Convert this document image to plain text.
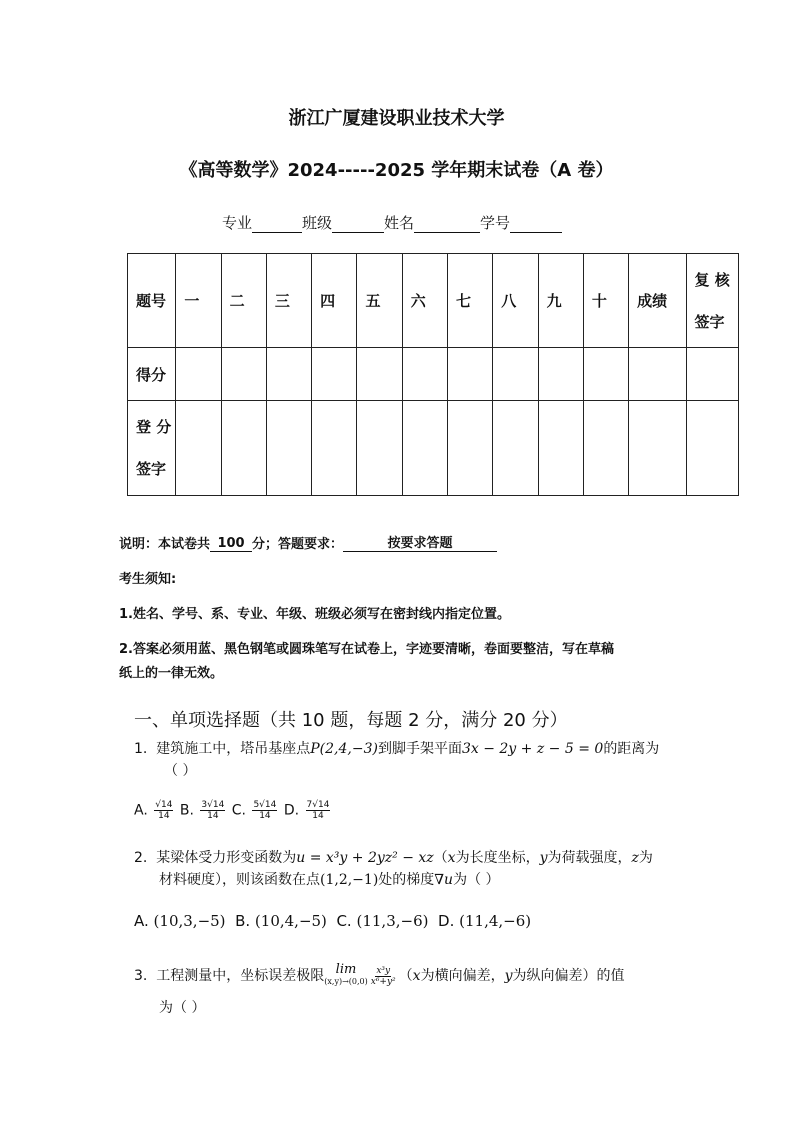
浙江广厦建设职业技术大学
《高等数学》2024-----2025 学年期末试卷（A 卷）
专业	班级	姓名	学号
题号	一	二	三	四	五	六	七	八	九	十	成绩	复 核
签字

得分												

登 分
签字												

说明：本试卷共 100 分；答题要求：	按要求答题
考生须知:
1.姓名、学号、系、专业、年级、班级必须写在密封线内指定位置。
2.答案必须用蓝、黑色钢笔或圆珠笔写在试卷上，字迹要清晰，卷面要整洁，写在草稿
纸上的一律无效。
一、单项选择题（共 10 题，每题 2 分，满分 20 分）
1. 建筑施工中，塔吊基座点P(2,4,−3)到脚手架平面3x − 2y + z − 5 = 0的距离为
（ ）
A. $\frac{√14}{14} B$. $\frac{3√14}{14} C$. $\frac{5√14}{14} D$. $\frac{7√14}{14}$
2. 某梁体受力形变函数为u = x³y + 2yz² − xz（x为长度坐标，y为荷载强度，z为
材料硬度），则该函数在点(1,2,−1)处的梯度∇u为（ ）
A. (10,3,−5) B. (10,4,−5) C. (11,3,−6) D. (11,4,−6)
3. 工程测量中，坐标误差极限 lim
$(x,y)\to(0,0) \frac{\text{x³y}}{\text{x⁶+y²}} (x$为横向偏差，y为纵向偏差）的值
为（ ）
